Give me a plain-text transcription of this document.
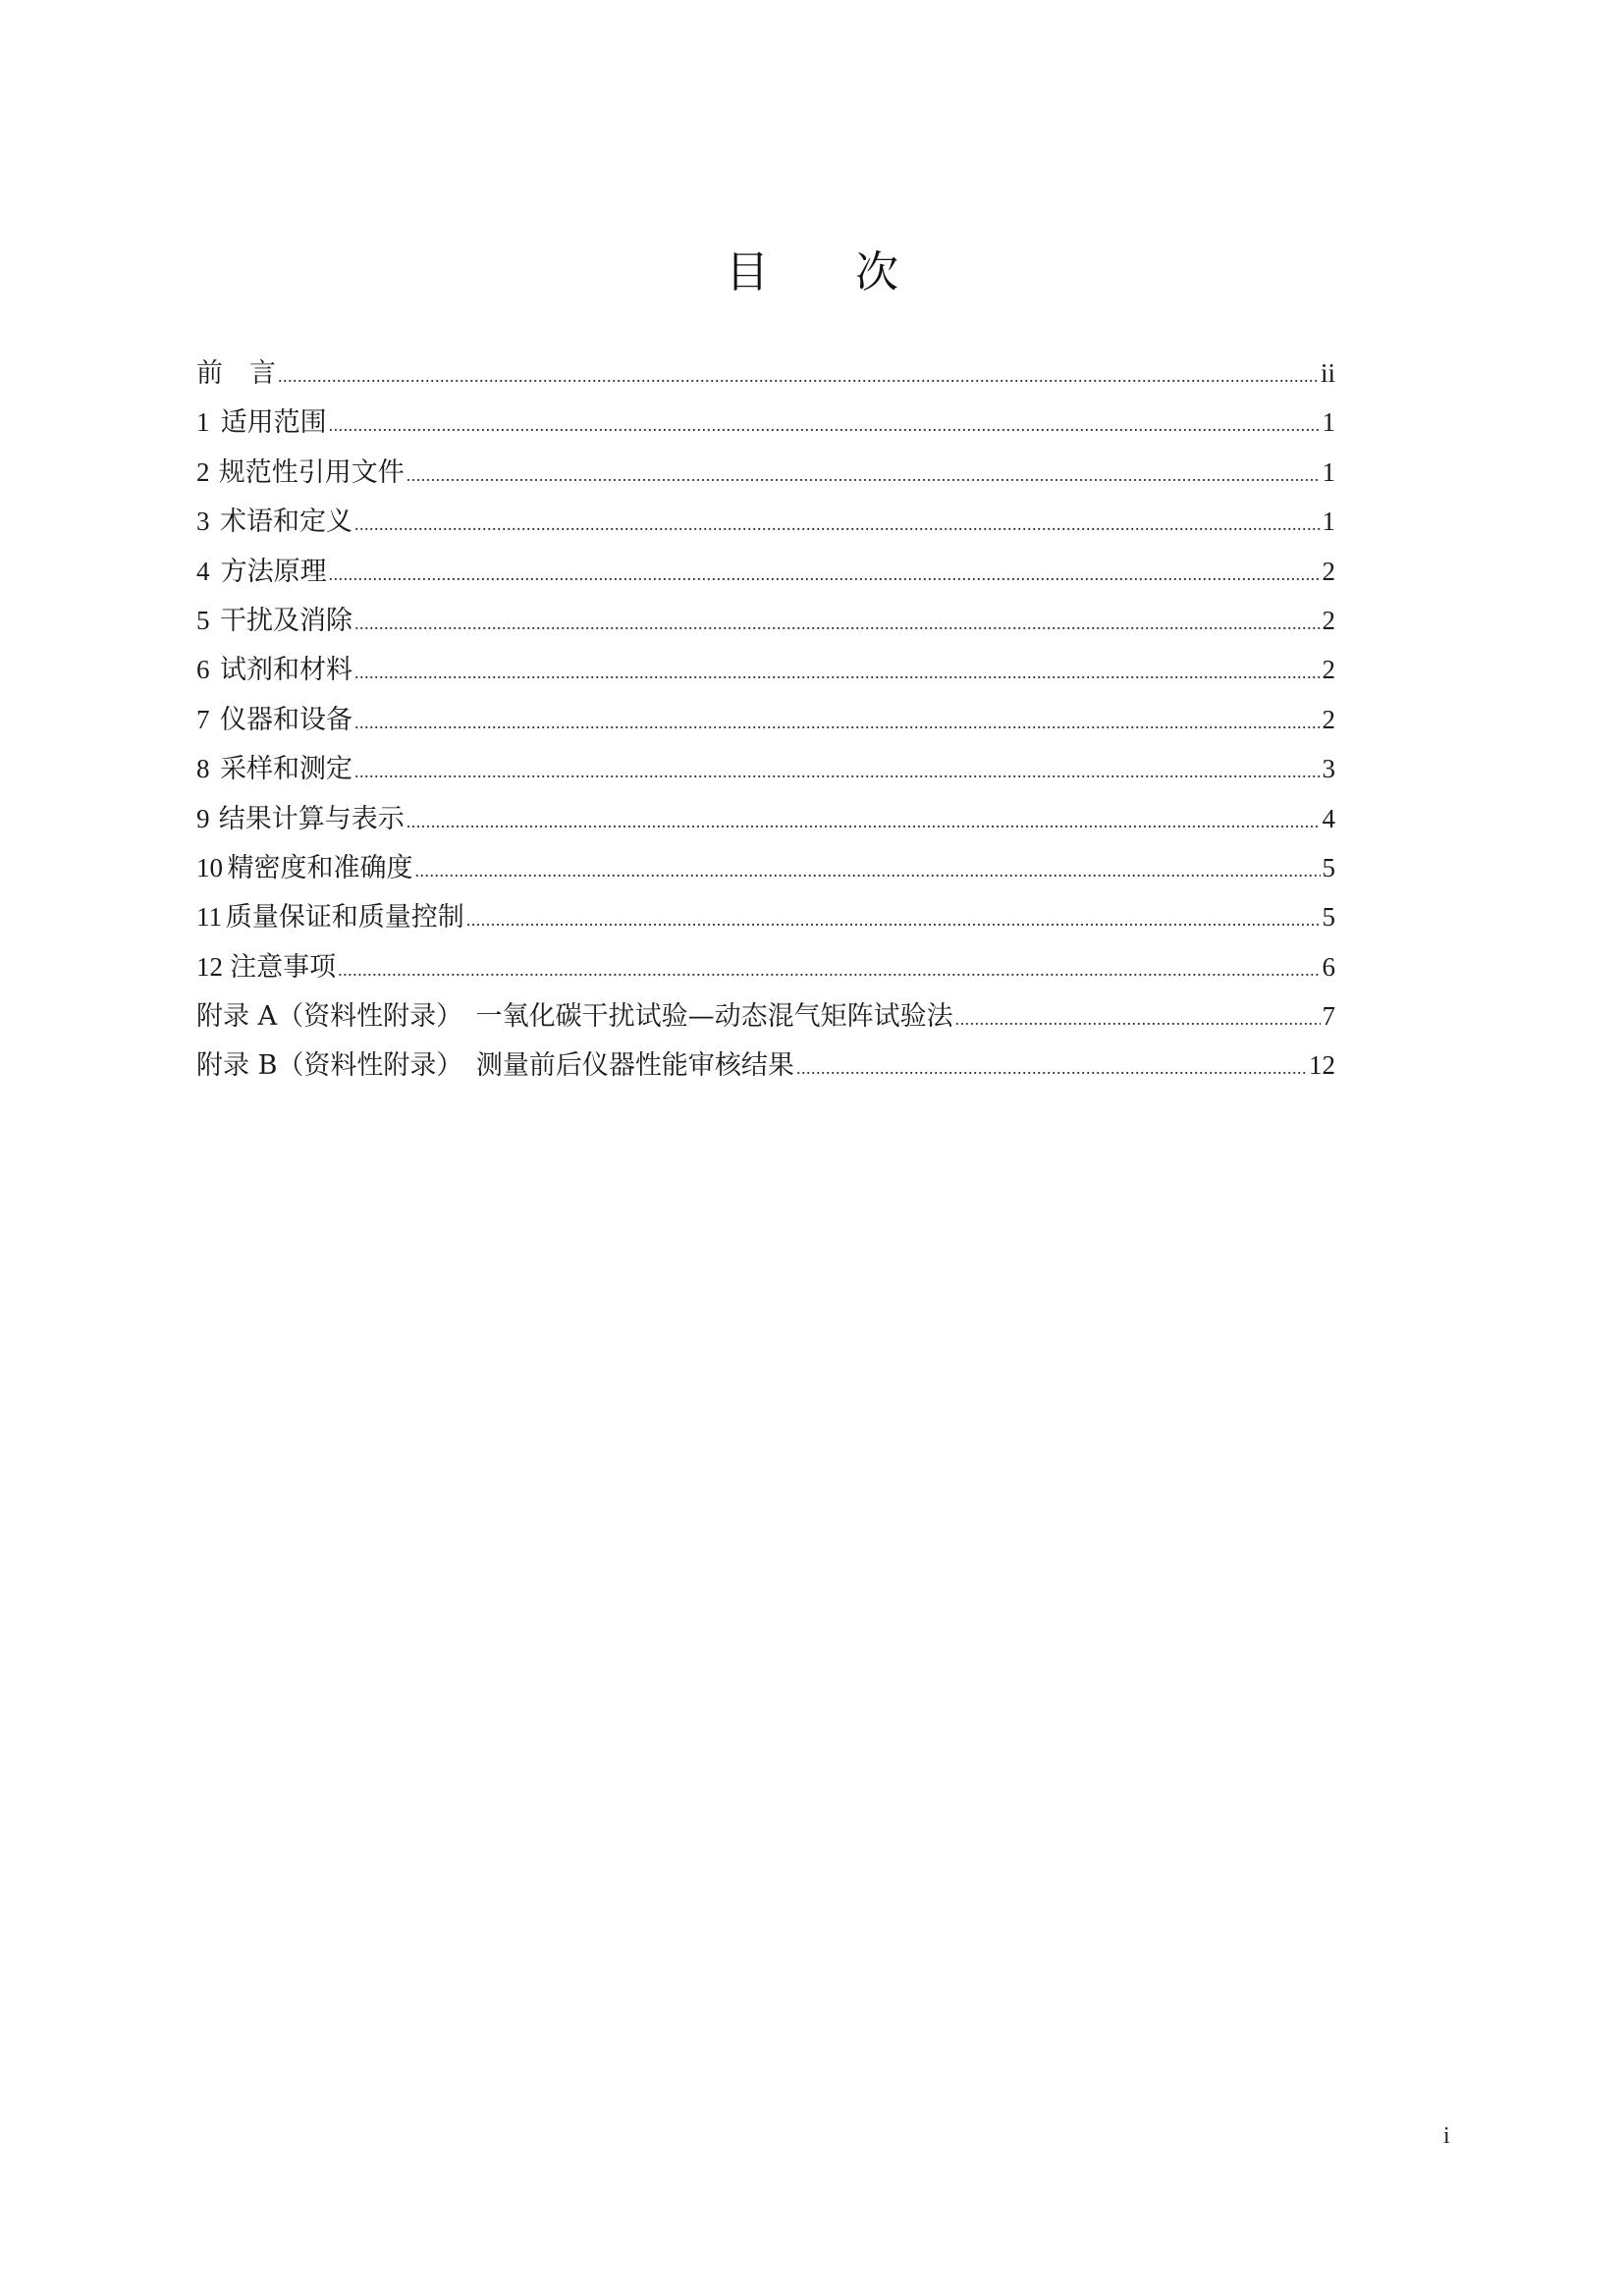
目 次
前　言 .....	ii
1 适用范围 .....	1
2 规范性引用文件 .....	1
3 术语和定义 .....	1
4 方法原理 .....	2
5 干扰及消除 .....	2
6 试剂和材料 .....	2
7 仪器和设备 .....	2
8 采样和测定 .....	3
9 结果计算与表示 .....	4
10 精密度和准确度 .....	5
11 质量保证和质量控制 .....	5
12 注意事项 .....	6
附录 A（资料性附录）　一氧化碳干扰试验—动态混气矩阵试验法 .....	7
附录 B（资料性附录）　测量前后仪器性能审核结果 .....	12
i
